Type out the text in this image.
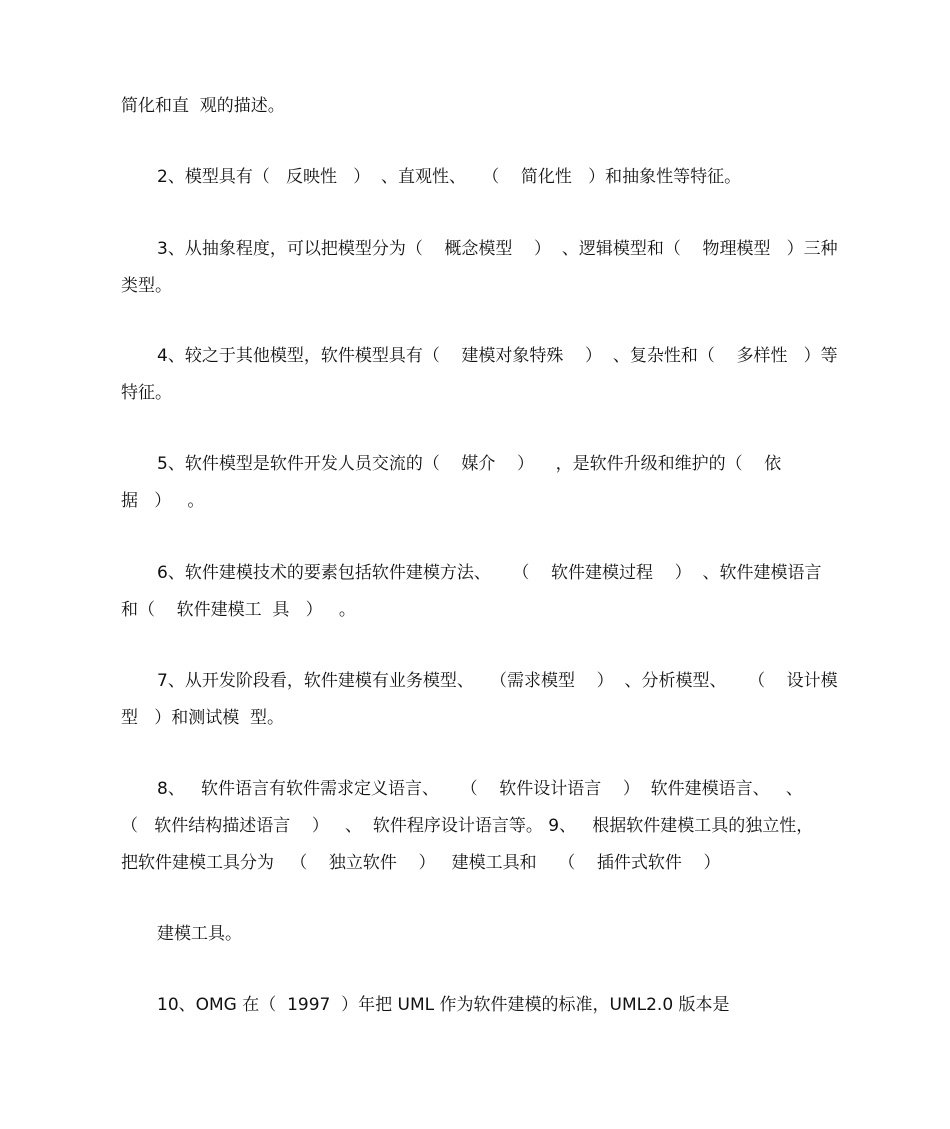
简化和直  观的描述。
2、模型具有（   反映性   ）  、直观性、   （    简化性   ）和抽象性等特征。
3、从抽象程度，可以把模型分为（    概念模型    ）  、逻辑模型和（    物理模型   ）三种
类型。
4、较之于其他模型，软件模型具有（    建模对象特殊    ）  、复杂性和（    多样性   ）等
特征。
5、软件模型是软件开发人员交流的（    媒介    ）    ，是软件升级和维护的（    依
据   ）   。
6、软件建模技术的要素包括软件建模方法、    （    软件建模过程    ）  、软件建模语言
和（    软件建模工  具   ）   。
7、从开发阶段看，软件建模有业务模型、   （需求模型    ）  、分析模型、    （    设计模
型   ）和测试模  型。
8、   软件语言有软件需求定义语言、    （    软件设计语言    ）  软件建模语言、   、
（   软件结构描述语言    ）   、  软件程序设计语言等。 9、   根据软件建模工具的独立性，
把软件建模工具分为   （    独立软件    ）   建模工具和    （    插件式软件    ）
建模工具。
10、OMG 在（  1997  ）年把 UML 作为软件建模的标准，UML2.0 版本是
